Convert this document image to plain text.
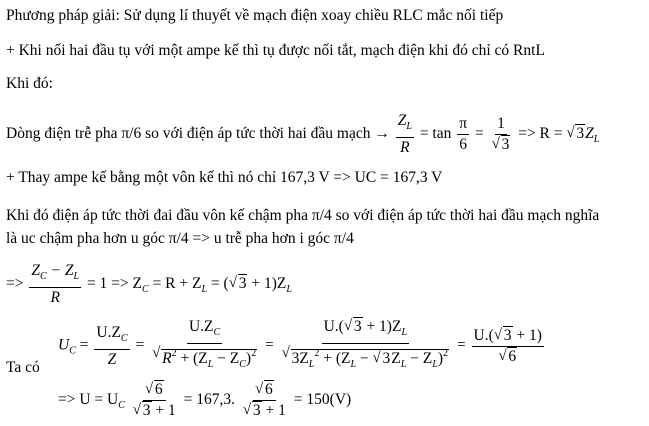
Phương pháp giải: Sử dụng lí thuyết về mạch điện xoay chiều RLC mắc nối tiếp
+ Khi nối hai đầu tụ với một ampe kế thì tụ được nối tắt, mạch điện khi đó chỉ có RntL
Khi đó:
Dòng điện trễ pha π/6 so với điện áp tức thời hai đầu mạch → $\frac{Z_L}{R} = \tan \frac{\pi}{6} = 1$
√ 3 => R = √ $3Z_L$
+ Thay ampe kế bằng một vôn kế thì nó chỉ 167,3 V => UC = 167,3 V
Khi đó điện áp tức thời đai đầu vôn kế chậm pha π/4 so với điện áp tức thời hai đầu mạch nghĩa
là uc chậm pha hơn u góc π/4 => u trễ pha hơn i góc π/4
=> $\frac{Z_C - Z_L}{R} = 1 => Z_C = R + Z_L$ = (√ $3 + 1)Z_L$
$U_C = \frac{U.Z_C}{Z} = U.Z_C$
√ $R^2 + (Z_L - Z_C)^2 = U.(√$ $3 + 1)Z_L$
√ $3Z_L^2 + (Z_L$ − √ $3Z_L - Z_L)^2 = U.(√$ 3 + 1)
√ 6
Ta có
=> $U = U_C$
√ 6
√ 3 + 1 = 167,3.
√ 6
√ 3 + 1 = 150(V)
